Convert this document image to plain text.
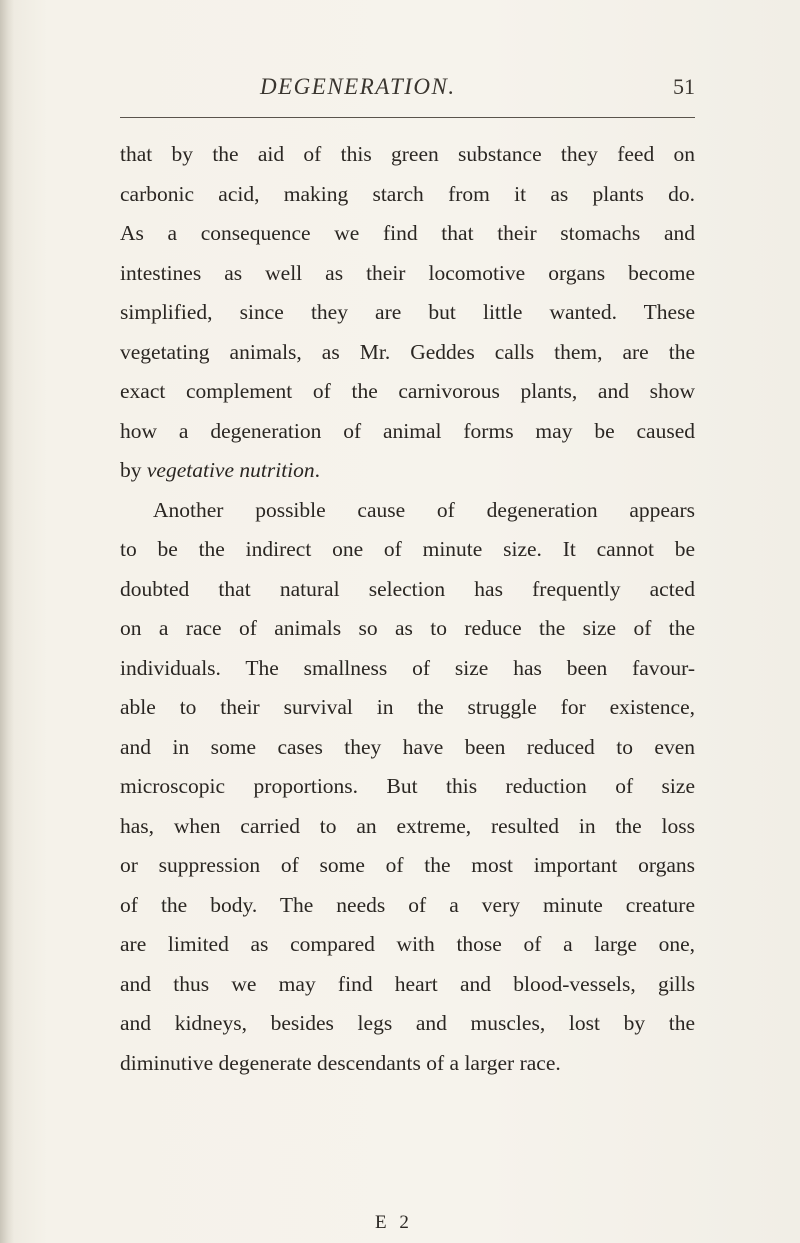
DEGENERATION.	51
that by the aid of this green substance they feed on
carbonic acid, making starch from it as plants do.
As a consequence we find that their stomachs and
intestines as well as their locomotive organs become
simplified, since they are but little wanted. These
vegetating animals, as Mr. Geddes calls them, are the
exact complement of the carnivorous plants, and show
how a degeneration of animal forms may be caused
by vegetative nutrition.
Another possible cause of degeneration appears
to be the indirect one of minute size. It cannot be
doubted that natural selection has frequently acted
on a race of animals so as to reduce the size of the
individuals. The smallness of size has been favour-
able to their survival in the struggle for existence,
and in some cases they have been reduced to even
microscopic proportions. But this reduction of size
has, when carried to an extreme, resulted in the loss
or suppression of some of the most important organs
of the body. The needs of a very minute creature
are limited as compared with those of a large one,
and thus we may find heart and blood-vessels, gills
and kidneys, besides legs and muscles, lost by the
diminutive degenerate descendants of a larger race.
E 2
